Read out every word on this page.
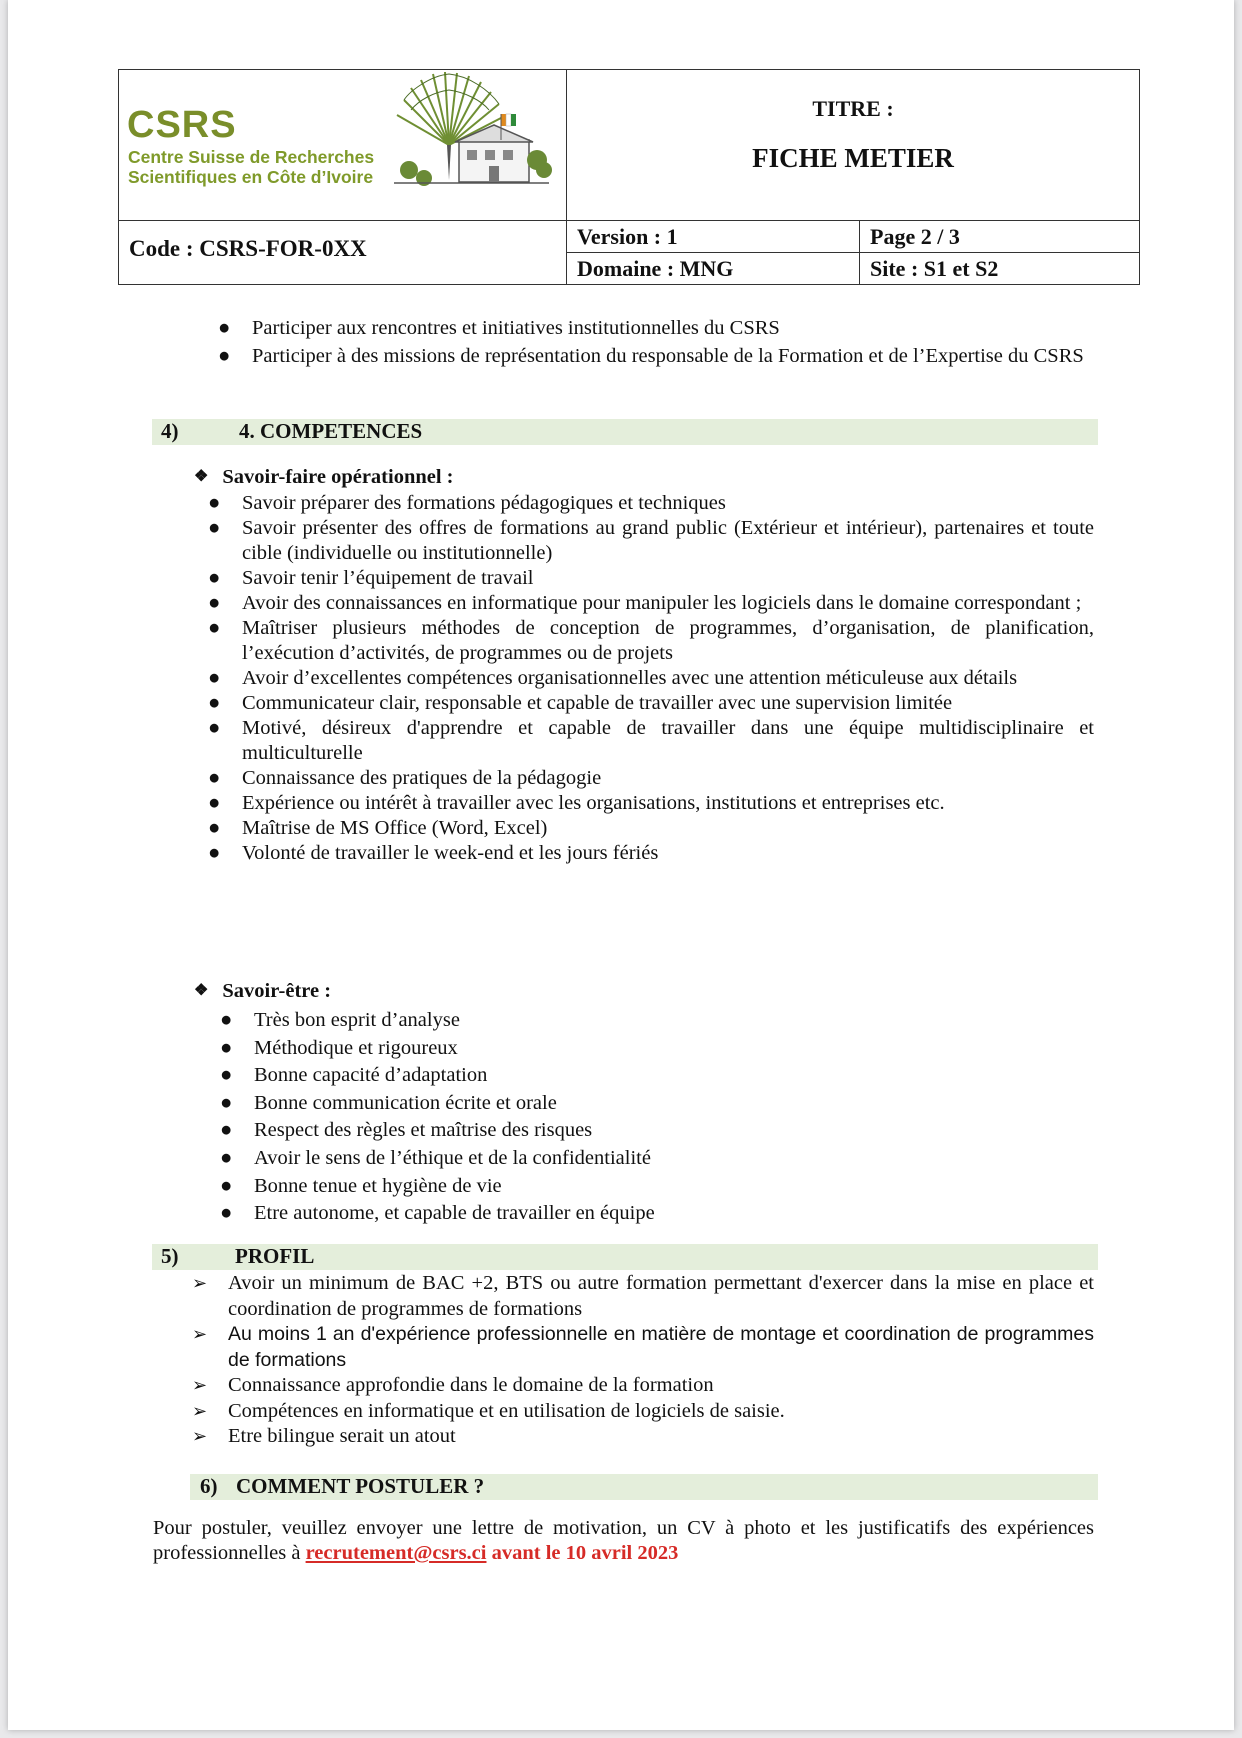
CSRS
Centre Suisse de Recherches
Scientifiques en Côte d’Ivoire
TITRE :
FICHE METIER
Code : CSRS-FOR-0XX	Version : 1	Page 2 / 3
Domaine : MNG	Site : S1 et S2
● Participer aux rencontres et initiatives institutionnelles du CSRS
● Participer à des missions de représentation du responsable de la Formation et de l’Expertise du CSRS
4)	4. COMPETENCES
❖ Savoir-faire opérationnel :
● Savoir préparer des formations pédagogiques et techniques
● Savoir présenter des offres de formations au grand public (Extérieur et intérieur), partenaires et toute cible (individuelle ou institutionnelle)
● Savoir tenir l’équipement de travail
● Avoir des connaissances en informatique pour manipuler les logiciels dans le domaine correspondant ;
● Maîtriser plusieurs méthodes de conception de programmes, d’organisation, de planification, l’exécution d’activités, de programmes ou de projets
● Avoir d’excellentes compétences organisationnelles avec une attention méticuleuse aux détails
● Communicateur clair, responsable et capable de travailler avec une supervision limitée
● Motivé, désireux d'apprendre et capable de travailler dans une équipe multidisciplinaire et multiculturelle
● Connaissance des pratiques de la pédagogie
● Expérience ou intérêt à travailler avec les organisations, institutions et entreprises etc.
● Maîtrise de MS Office (Word, Excel)
● Volonté de travailler le week-end et les jours fériés
❖ Savoir-être :
● Très bon esprit d’analyse
● Méthodique et rigoureux
● Bonne capacité d’adaptation
● Bonne communication écrite et orale
● Respect des règles et maîtrise des risques
● Avoir le sens de l’éthique et de la confidentialité
● Bonne tenue et hygiène de vie
● Etre autonome, et capable de travailler en équipe
5)	PROFIL
➢ Avoir un minimum de BAC +2, BTS ou autre formation permettant d'exercer dans la mise en place et coordination de programmes de formations
➢ Au moins 1 an d'expérience professionnelle en matière de montage et coordination de programmes de formations
➢ Connaissance approfondie dans le domaine de la formation
➢ Compétences en informatique et en utilisation de logiciels de saisie.
➢ Etre bilingue serait un atout
6) COMMENT POSTULER ?

Pour postuler, veuillez envoyer une lettre de motivation, un CV à photo et les justificatifs des expériences professionnelles à recrutement@csrs.ci avant le 10 avril 2023
